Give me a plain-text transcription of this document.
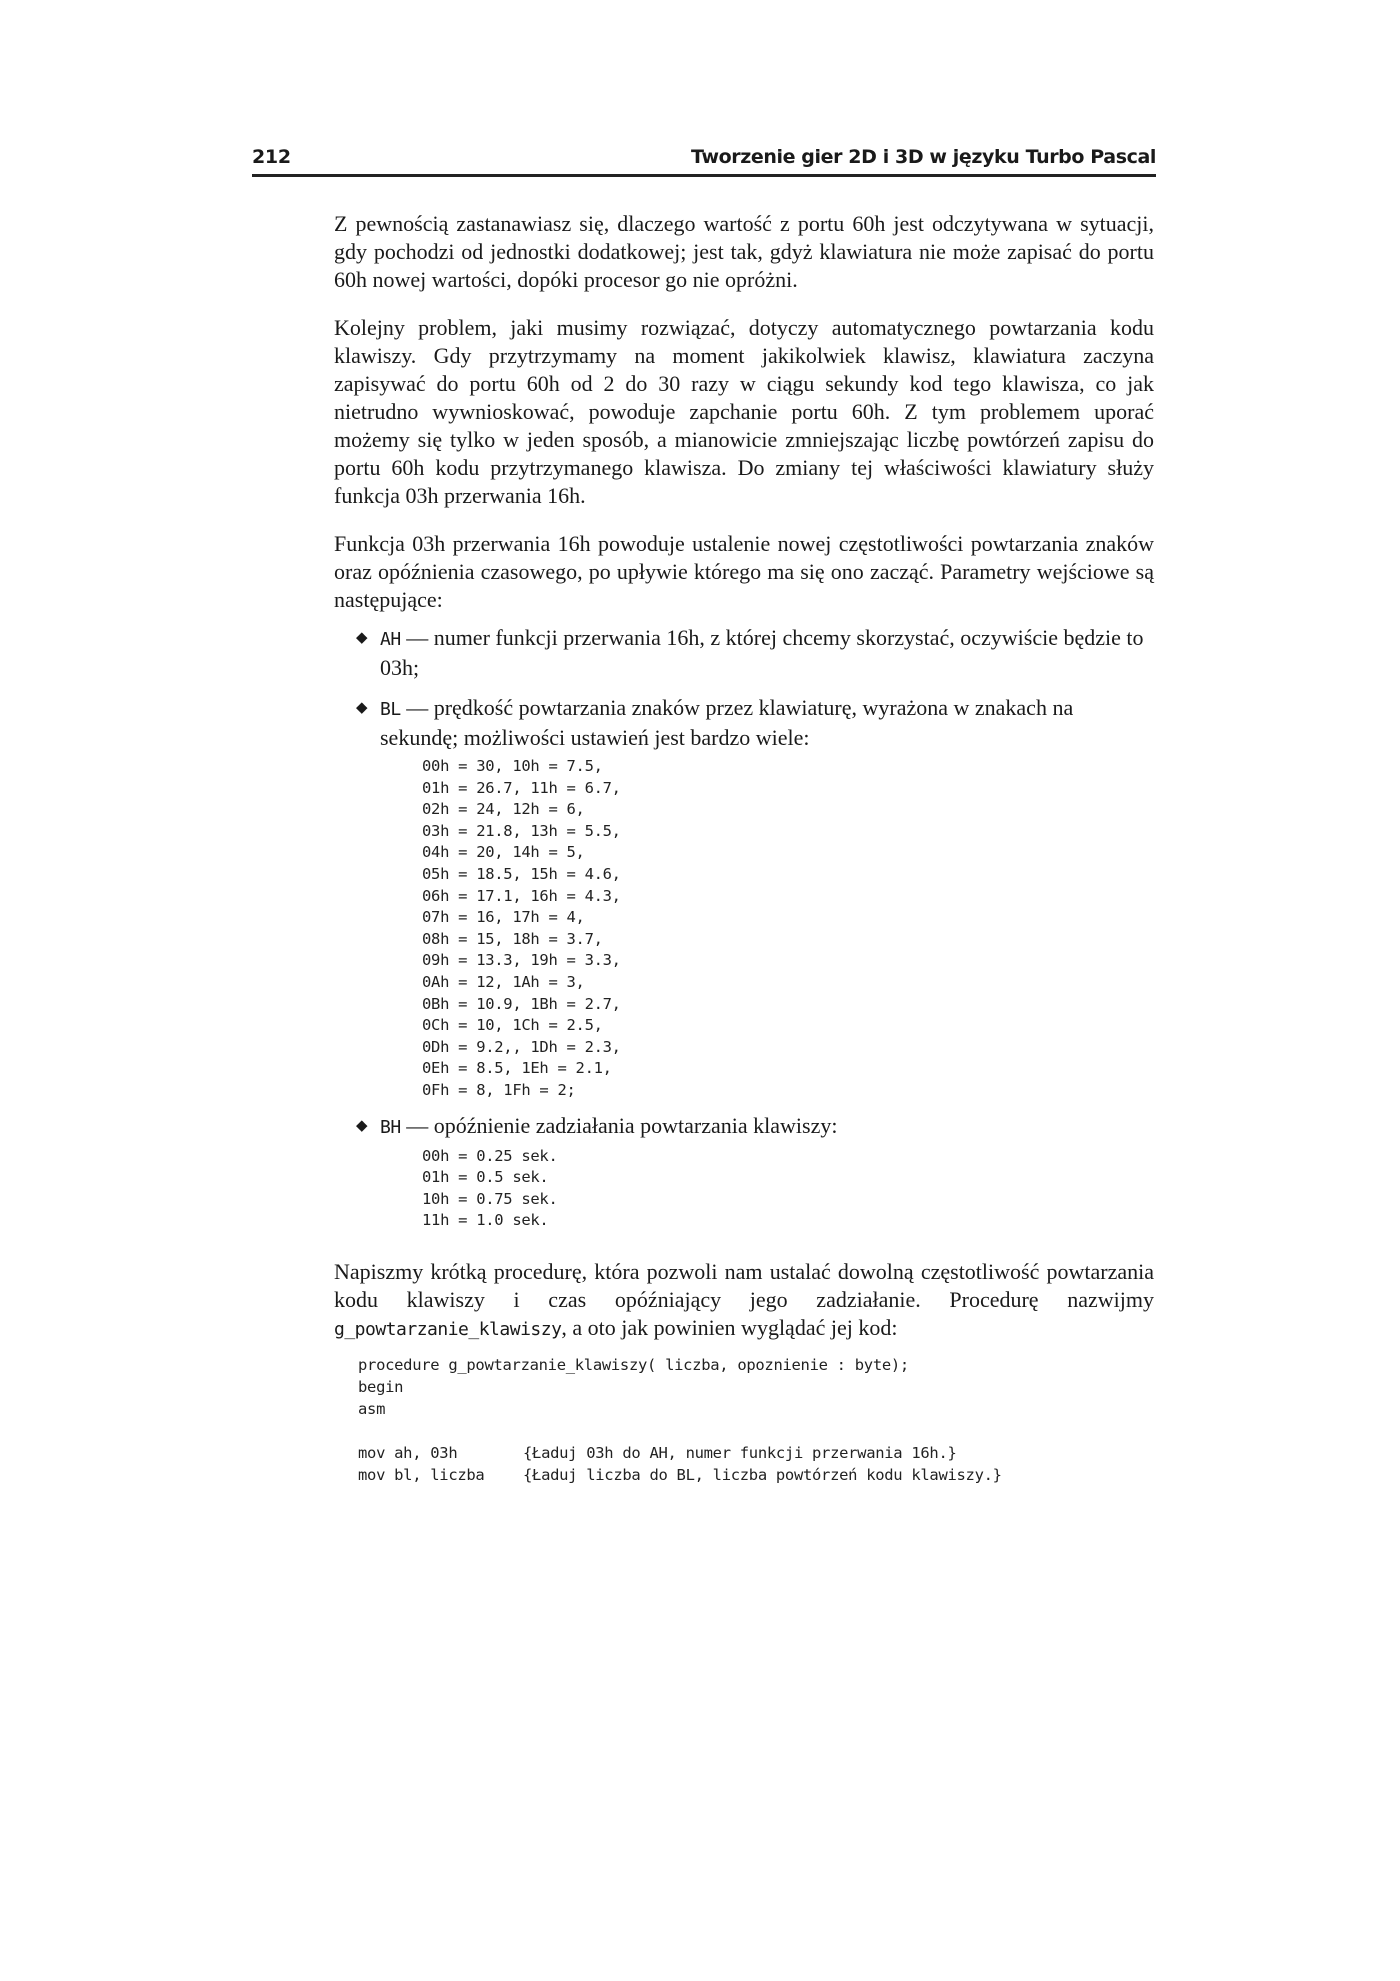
212	Tworzenie gier 2D i 3D w języku Turbo Pascal

Z pewnością zastanawiasz się, dlaczego wartość z portu 60h jest odczytywana w sytuacji, gdy pochodzi od jednostki dodatkowej; jest tak, gdyż klawiatura nie może zapisać do portu 60h nowej wartości, dopóki procesor go nie opróżni.

Kolejny problem, jaki musimy rozwiązać, dotyczy automatycznego powtarzania kodu klawiszy. Gdy przytrzymamy na moment jakikolwiek klawisz, klawiatura zaczyna zapisywać do portu 60h od 2 do 30 razy w ciągu sekundy kod tego klawisza, co jak nietrudno wywnioskować, powoduje zapchanie portu 60h. Z tym problemem uporać możemy się tylko w jeden sposób, a mianowicie zmniejszając liczbę powtórzeń zapisu do portu 60h kodu przytrzymanego klawisza. Do zmiany tej właściwości klawiatury służy funkcja 03h przerwania 16h.

Funkcja 03h przerwania 16h powoduje ustalenie nowej częstotliwości powtarzania znaków oraz opóźnienia czasowego, po upływie którego ma się ono zacząć. Parametry wejściowe są następujące:

◆ AH — numer funkcji przerwania 16h, z której chcemy skorzystać, oczywiście będzie to 03h;
◆ BL — prędkość powtarzania znaków przez klawiaturę, wyrażona w znakach na sekundę; możliwości ustawień jest bardzo wiele:
00h = 30, 10h = 7.5,
01h = 26.7, 11h = 6.7,
02h = 24, 12h = 6,
03h = 21.8, 13h = 5.5,
04h = 20, 14h = 5,
05h = 18.5, 15h = 4.6,
06h = 17.1, 16h = 4.3,
07h = 16, 17h = 4,
08h = 15, 18h = 3.7,
09h = 13.3, 19h = 3.3,
0Ah = 12, 1Ah = 3,
0Bh = 10.9, 1Bh = 2.7,
0Ch = 10, 1Ch = 2.5,
0Dh = 9.2,, 1Dh = 2.3,
0Eh = 8.5, 1Eh = 2.1,
0Fh = 8, 1Fh = 2;
◆ BH — opóźnienie zadziałania powtarzania klawiszy:
00h = 0.25 sek.
01h = 0.5 sek.
10h = 0.75 sek.
11h = 1.0 sek.

Napiszmy krótką procedurę, która pozwoli nam ustalać dowolną częstotliwość powtarzania kodu klawiszy i czas opóźniający jego zadziałanie. Procedurę nazwijmy g_powtarzanie_klawiszy, a oto jak powinien wyglądać jej kod:

procedure g_powtarzanie_klawiszy( liczba, opoznienie : byte);
begin
asm
mov ah, 03h	{Ładuj 03h do AH, numer funkcji przerwania 16h.}
mov bl, liczba {Ładuj liczba do BL, liczba powtórzeń kodu klawiszy.}
